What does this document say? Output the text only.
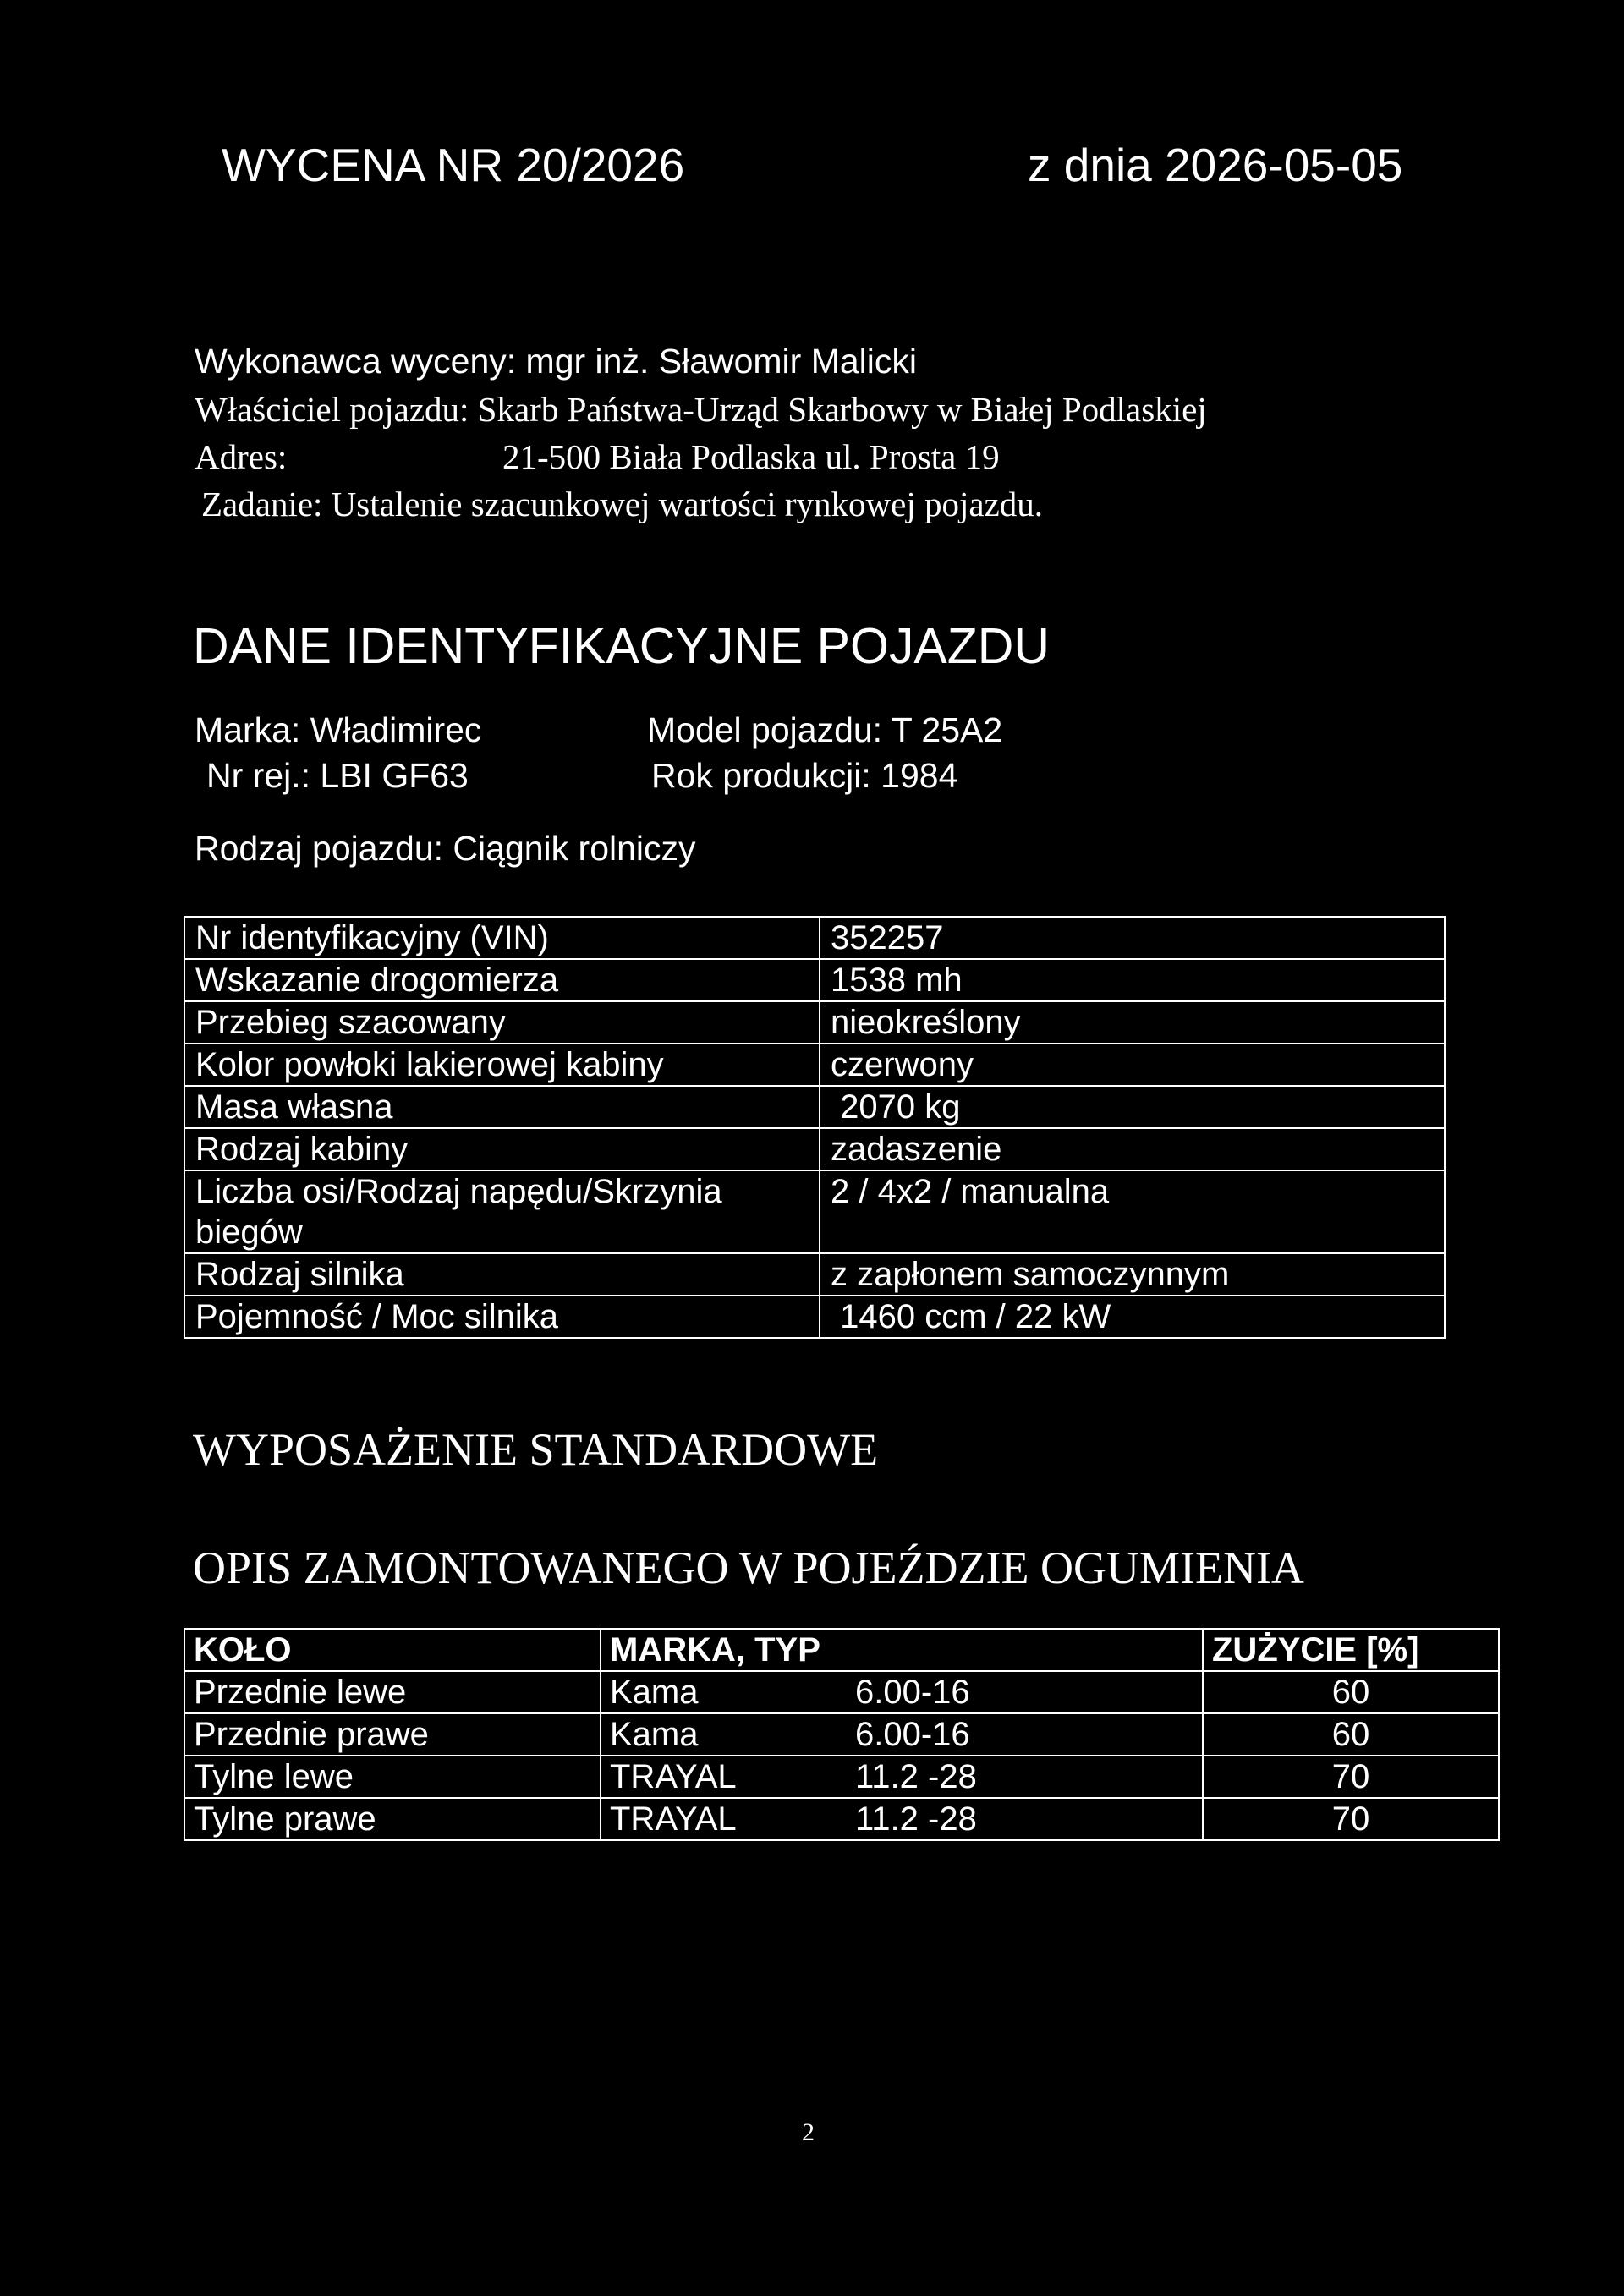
WYCENA NR 20/2026	z dnia 2026-05-05
Wykonawca wyceny: mgr inż. Sławomir Malicki
Właściciel pojazdu: Skarb Państwa-Urząd Skarbowy w Białej Podlaskiej
Adres:	21-500 Biała Podlaska ul. Prosta 19
Zadanie: Ustalenie szacunkowej wartości rynkowej pojazdu.
DANE IDENTYFIKACYJNE POJAZDU
Marka: Władimirec	Model pojazdu: T 25A2
Nr rej.: LBI GF63	Rok produkcji: 1984
Rodzaj pojazdu: Ciągnik rolniczy
Nr identyfikacyjny (VIN)	352257
Wskazanie drogomierza	1538 mh
Przebieg szacowany	nieokreślony
Kolor powłoki lakierowej kabiny	czerwony
Masa własna	2070 kg
Rodzaj kabiny	zadaszenie
Liczba osi/Rodzaj napędu/Skrzynia biegów	2 / 4x2 / manualna
Rodzaj silnika	z zapłonem samoczynnym
Pojemność / Moc silnika	1460 ccm / 22 kW
WYPOSAŻENIE STANDARDOWE
OPIS ZAMONTOWANEGO W POJEŹDZIE OGUMIENIA
KOŁO	MARKA, TYP	ZUŻYCIE [%]
Przednie lewe	Kama 6.00-16	60
Przednie prawe	Kama 6.00-16	60
Tylne lewe	TRAYAL 11.2 -28	70
Tylne prawe	TRAYAL 11.2 -28	70
2
